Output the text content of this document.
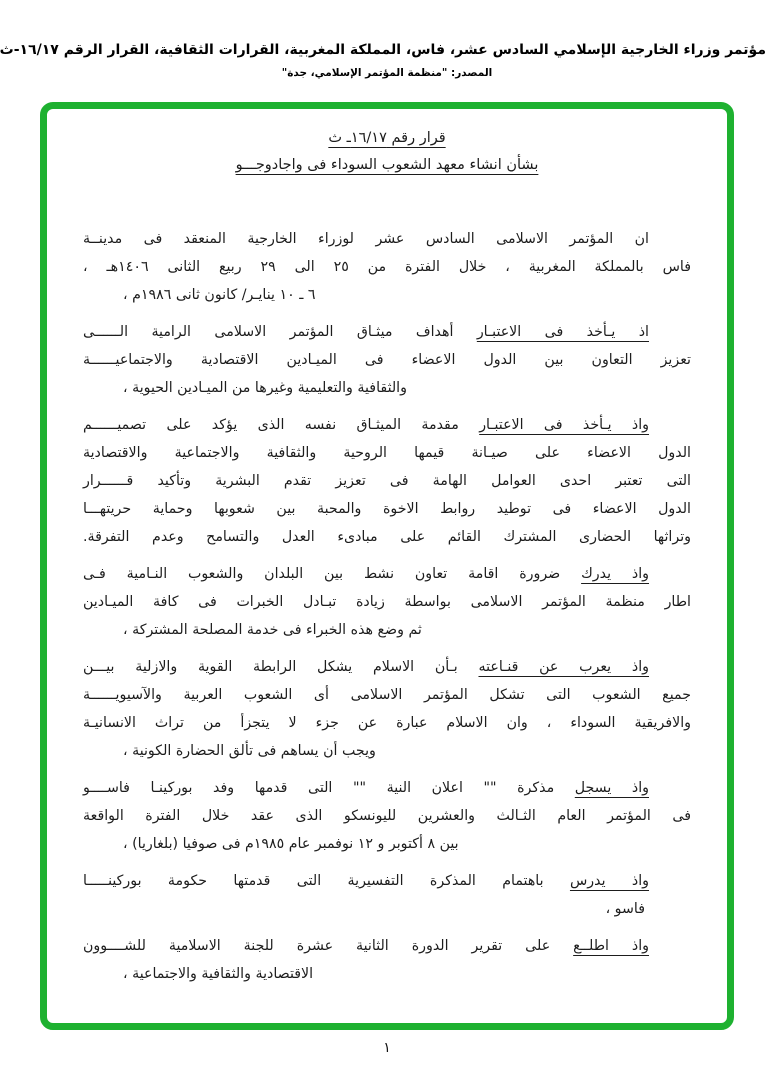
مؤتمر وزراء الخارجية الإسلامي السادس عشر، فاس، المملكة المغربية، القرارات الثقافية، القرار الرقم ١٦/١٧-ث
المصدر: "منظمة المؤتمر الإسلامي، جدة"
قرار رقم ١٦/١٧ـ ث
بشأن انشاء معهد الشعوب السوداء فى واجادوجـــو
ان المؤتمر الاسلامى السادس عشر لوزراء الخارجية المنعقد فى مدينــة
فاس بالمملكة المغربية ، خلال الفترة من ٢٥ الى ٢٩ ربيع الثانى ١٤٠٦هـ ،
٦ ـ ١٠ ينايـر/ كانون ثانى ١٩٨٦م ،
اذ يـأخذ فى الاعتبـار أهداف ميثـاق المؤتمر الاسلامى الرامية الــــــى
تعزيز التعاون بين الدول الاعضاء فى الميـادين الاقتصادية والاجتماعيــــــة
والثقافية والتعليمية وغيرها من الميـادين الحيوية ،
واذ يـأخذ فى الاعتبـار مقدمة الميثـاق نفسه الذى يؤكد على تصميــــــم
الدول الاعضاء على صيـانة قيمها الروحية والثقافية والاجتماعية والاقتصادية
التى تعتبر احدى العوامل الهامة فى تعزيز تقدم البشرية وتأكيد قــــــرار
الدول الاعضاء فى توطيد روابط الاخوة والمحبة بين شعوبها وحماية حريتهـــا
وتراثها الحضارى المشترك القائم على مبادىء العدل والتسامح وعدم التفرقة.
واذ يدرك ضرورة اقامة تعاون نشط بين البلدان والشعوب النـامية فـى
اطار منظمة المؤتمر الاسلامى بواسطة زيادة تبـادل الخبرات فى كافة الميـادين
ثم وضع هذه الخبراء فى خدمة المصلحة المشتركة ،
واذ يعرب عن قنـاعته بـأن الاسلام يشكل الرابطة القوية والازلية بيـــن
جميع الشعوب التى تشكل المؤتمر الاسلامى أى الشعوب العربية والآسيويــــــة
والافريقية السوداء ، وان الاسلام عبارة عن جزء لا يتجزأ من تراث الانسانيـة
ويجب أن يساهم فى تألق الحضارة الكونية ،
واذ يسجل مذكرة "" اعلان النية "" التى قدمها وفد بوركينـا فاســــو
فى المؤتمر العام الثـالث والعشرين لليونسكو الذى عقد خلال الفترة الواقعة
بين ٨ أكتوبر و ١٢ نوفمبر عام ١٩٨٥م فى صوفيا (بلغاريا) ،
واذ يدرس باهتمام المذكرة التفسيرية التى قدمتها حكومة بوركينـــــا
فاسو ،
واذ اطلــع على تقرير الدورة الثانية عشرة للجنة الاسلامية للشــــوون
الاقتصادية والثقافية والاجتماعية ،
١
